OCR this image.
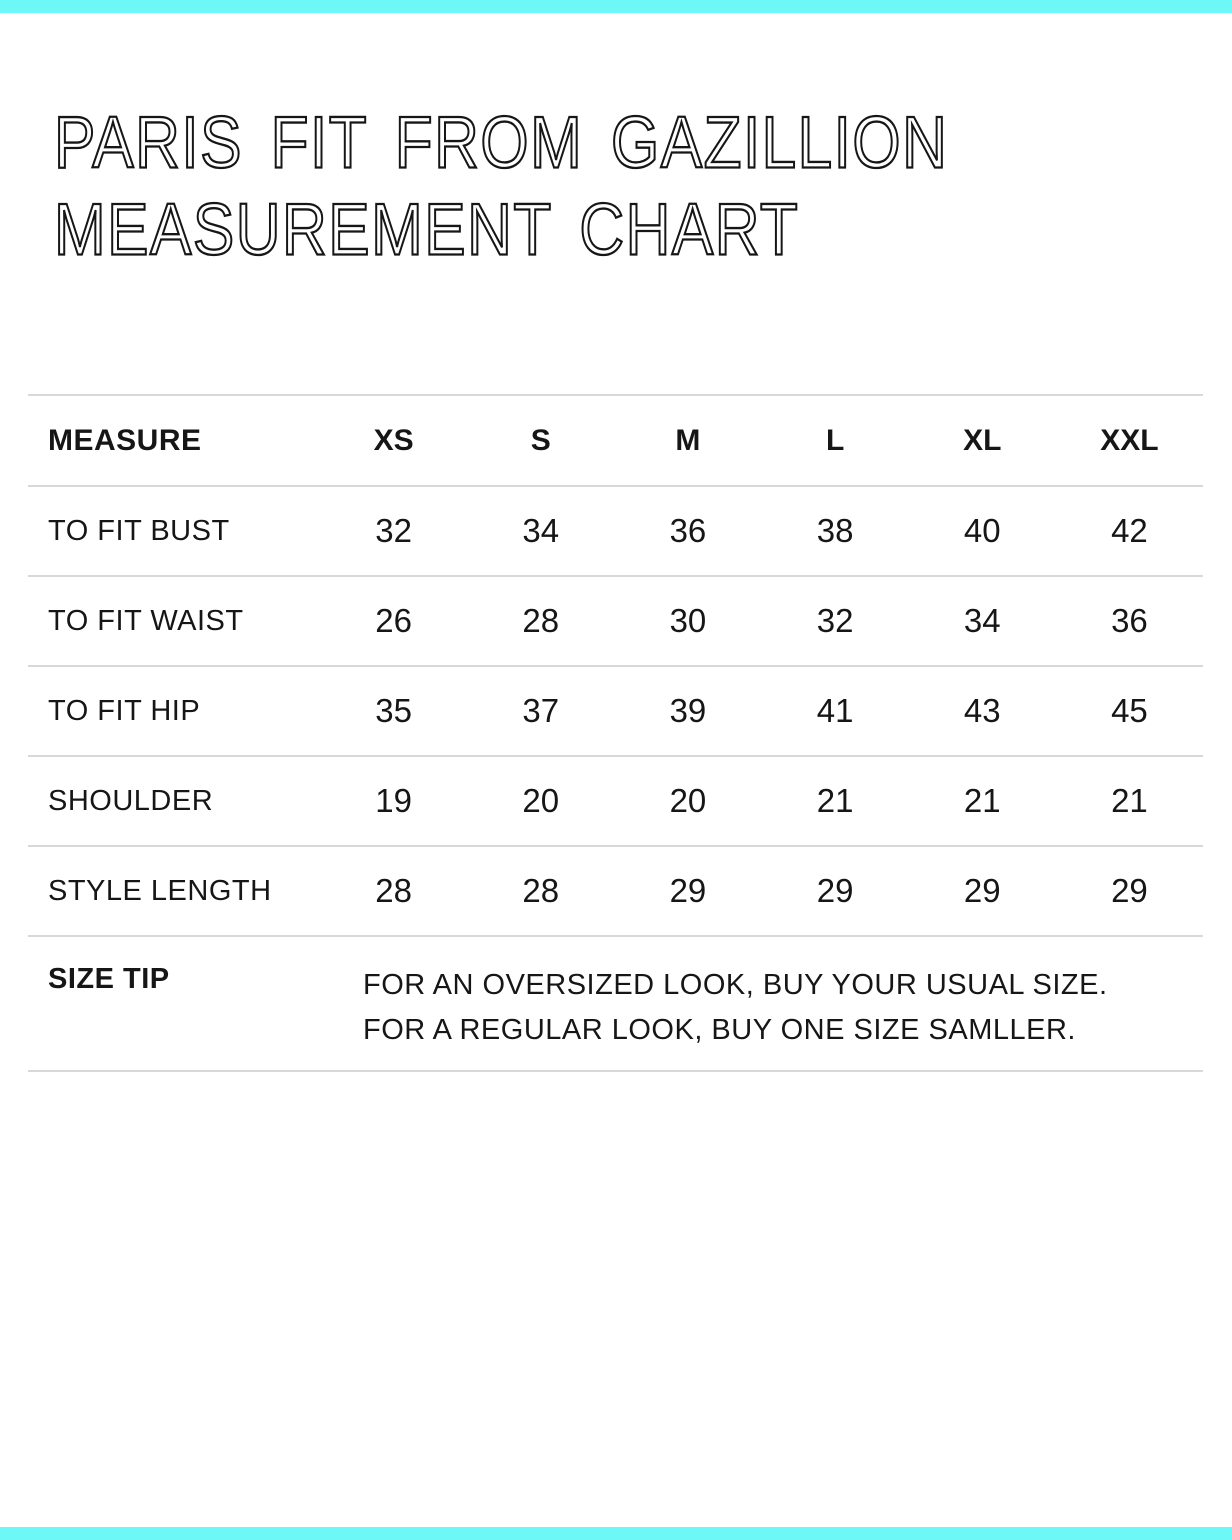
PARIS FIT FROM GAZILLION
MEASUREMENT CHART
MEASURE	XS	S	M	L	XL	XXL
TO FIT BUST	32	34	36	38	40	42
TO FIT WAIST	26	28	30	32	34	36
TO FIT HIP	35	37	39	41	43	45
SHOULDER	19	20	20	21	21	21
STYLE LENGTH	28	28	29	29	29	29
SIZE TIP	FOR AN OVERSIZED LOOK, BUY YOUR USUAL SIZE.
FOR A REGULAR LOOK, BUY ONE SIZE SAMLLER.
